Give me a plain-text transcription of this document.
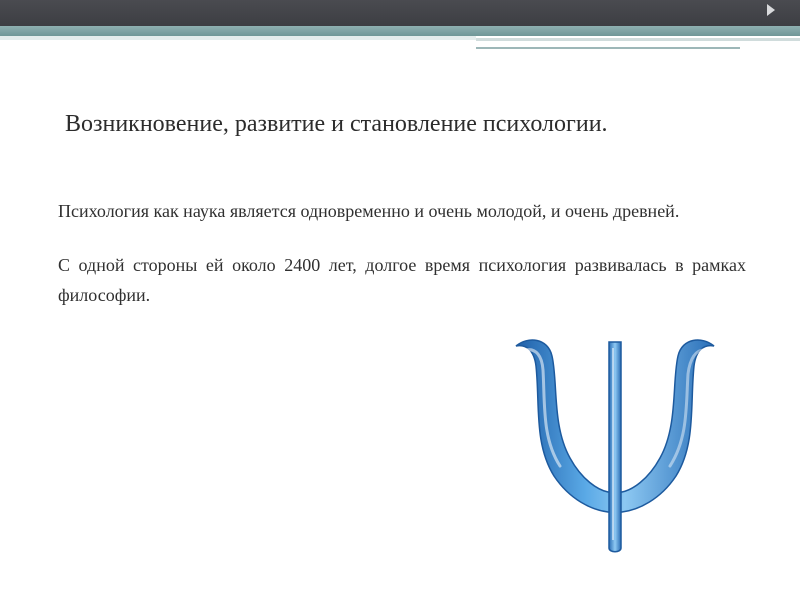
Возникновение, развитие и становление психологии.

Психология как наука является одновременно и очень молодой, и очень древней.

С одной стороны ей около 2400 лет, долгое время психология развивалась в рамках философии.
